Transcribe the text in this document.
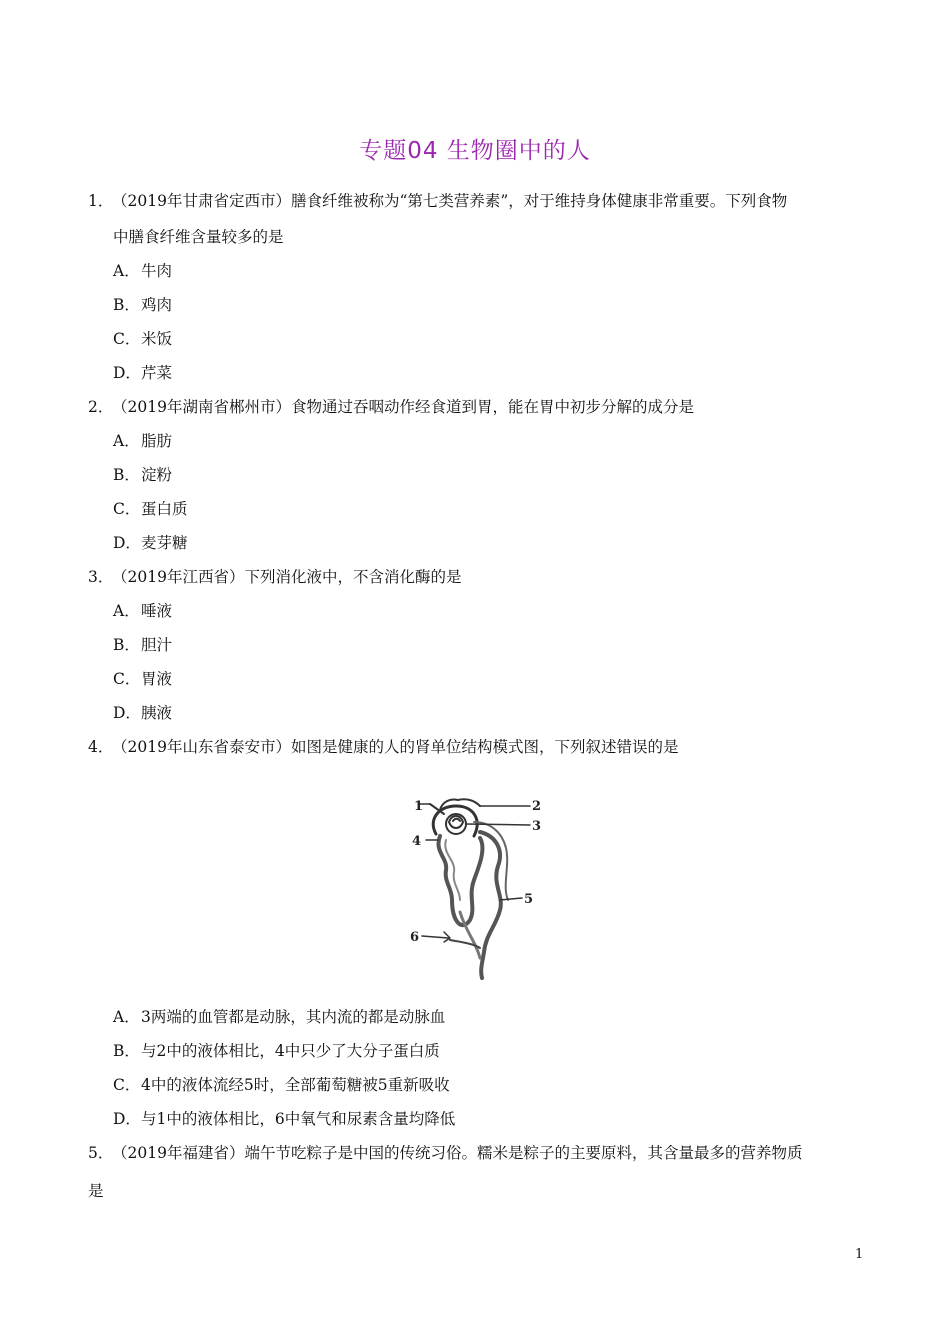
专题04 生物圈中的人
1．（2019年甘肃省定西市）膳食纤维被称为“第七类营养素”，对于维持身体健康非常重要。下列食物
中膳食纤维含量较多的是
A．牛肉
B．鸡肉
C．米饭
D．芹菜
2．（2019年湖南省郴州市）食物通过吞咽动作经食道到胃，能在胃中初步分解的成分是
A．脂肪
B．淀粉
C．蛋白质
D．麦芽糖
3．（2019年江西省）下列消化液中，不含消化酶的是
A．唾液
B．胆汁
C．胃液
D．胰液
4．（2019年山东省泰安市）如图是健康的人的肾单位结构模式图，下列叙述错误的是
1	2
3
4
5
6
A．3两端的血管都是动脉，其内流的都是动脉血
B．与2中的液体相比，4中只少了大分子蛋白质
C．4中的液体流经5时，全部葡萄糖被5重新吸收
D．与1中的液体相比，6中氧气和尿素含量均降低
5．（2019年福建省）端午节吃粽子是中国的传统习俗。糯米是粽子的主要原料，其含量最多的营养物质
是
1
